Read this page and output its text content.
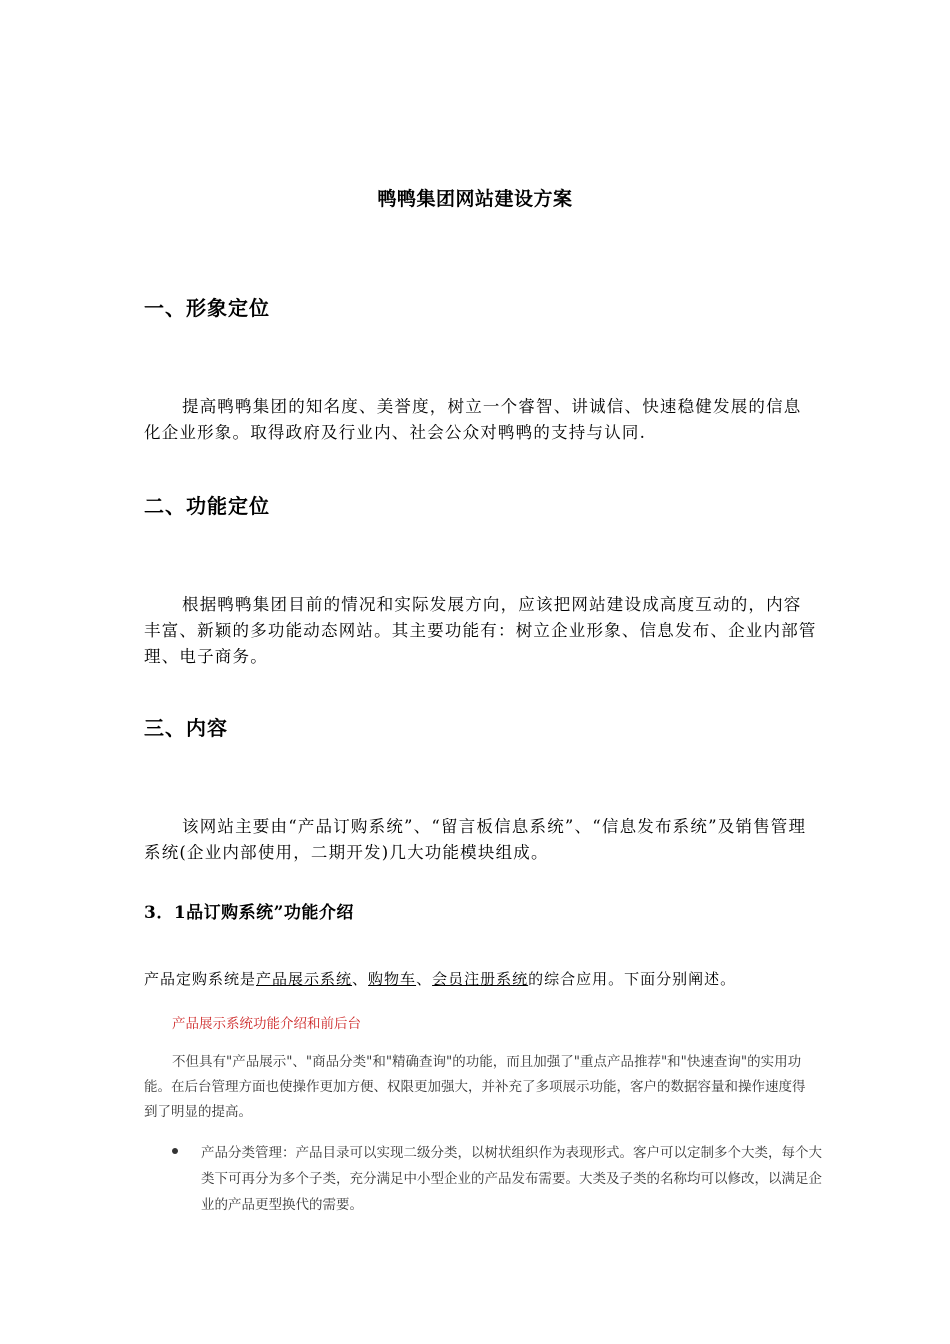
鸭鸭集团网站建设方案
一、形象定位
提高鸭鸭集团的知名度、美誉度，树立一个睿智、讲诚信、快速稳健发展的信息化企业形象。取得政府及行业内、社会公众对鸭鸭的支持与认同.
二、功能定位
根据鸭鸭集团目前的情况和实际发展方向，应该把网站建设成高度互动的，内容丰富、新颖的多功能动态网站。其主要功能有：树立企业形象、信息发布、企业内部管理、电子商务。
三、内容
该网站主要由“产品订购系统”、“留言板信息系统”、“信息发布系统”及销售管理系统(企业内部使用，二期开发)几大功能模块组成。
3．1品订购系统”功能介绍
产品定购系统是产品展示系统、购物车、会员注册系统的综合应用。下面分别阐述。
产品展示系统功能介绍和前后台
不但具有"产品展示"、"商品分类"和"精确查询"的功能，而且加强了"重点产品推荐"和"快速查询"的实用功能。在后台管理方面也使操作更加方便、权限更加强大，并补充了多项展示功能，客户的数据容量和操作速度得到了明显的提高。
产品分类管理：产品目录可以实现二级分类，以树状组织作为表现形式。客户可以定制多个大类，每个大类下可再分为多个子类，充分满足中小型企业的产品发布需要。大类及子类的名称均可以修改，以满足企业的产品更型换代的需要。
